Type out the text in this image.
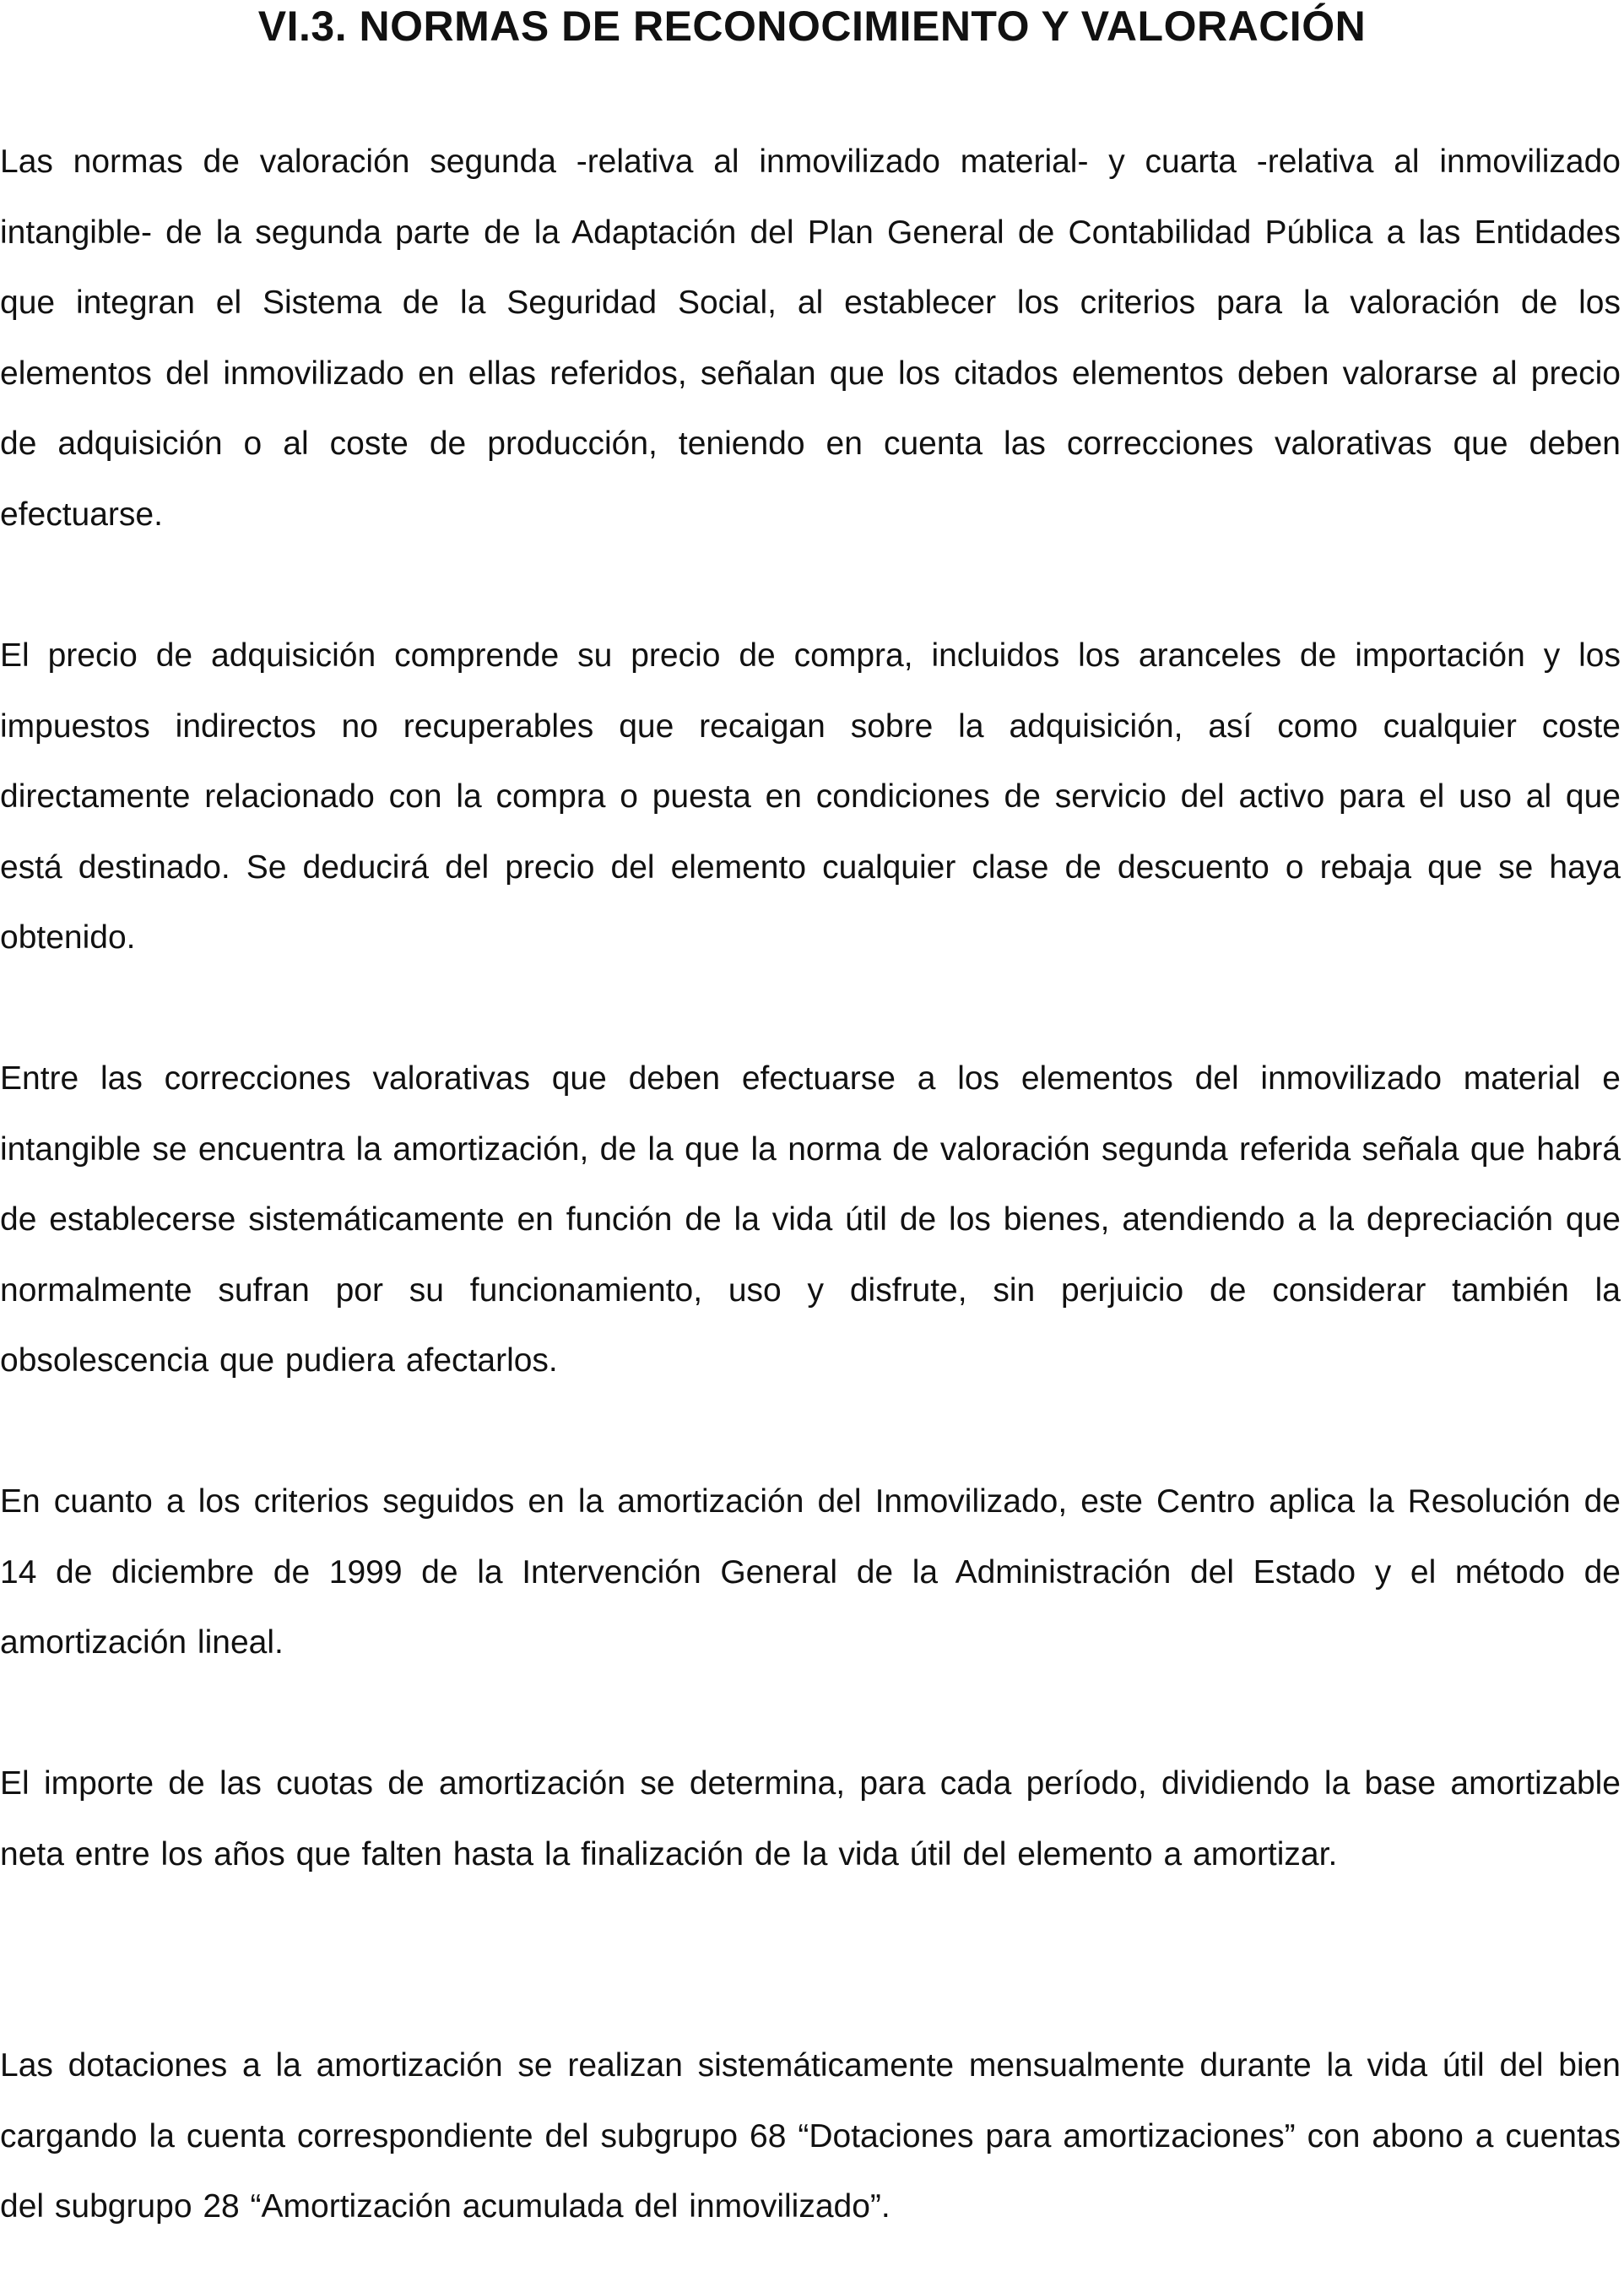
VI.3. NORMAS DE RECONOCIMIENTO Y VALORACIÓN

Las normas de valoración segunda -relativa al inmovilizado material- y cuarta -relativa al inmovilizado intangible- de la segunda parte de la Adaptación del Plan General de Contabilidad Pública a las Entidades que integran el Sistema de la Seguridad Social, al establecer los criterios para la valoración de los elementos del inmovilizado en ellas referidos, señalan que los citados elementos deben valorarse al precio de adquisición o al coste de producción, teniendo en cuenta las correcciones valorativas que deben efectuarse.

El precio de adquisición comprende su precio de compra, incluidos los aranceles de importación y los impuestos indirectos no recuperables que recaigan sobre la adquisición, así como cualquier coste directamente relacionado con la compra o puesta en condiciones de servicio del activo para el uso al que está destinado. Se deducirá del precio del elemento cualquier clase de descuento o rebaja que se haya obtenido.

Entre las correcciones valorativas que deben efectuarse a los elementos del inmovilizado material e intangible se encuentra la amortización, de la que la norma de valoración segunda referida señala que habrá de establecerse sistemáticamente en función de la vida útil de los bienes, atendiendo a la depreciación que normalmente sufran por su funcionamiento, uso y disfrute, sin perjuicio de considerar también la obsolescencia que pudiera afectarlos.

En cuanto a los criterios seguidos en la amortización del Inmovilizado, este Centro aplica la Resolución de 14 de diciembre de 1999 de la Intervención General de la Administración del Estado y el método de amortización lineal.

El importe de las cuotas de amortización se determina, para cada período, dividiendo la base amortizable neta entre los años que falten hasta la finalización de la vida útil del elemento a amortizar.

Las dotaciones a la amortización se realizan sistemáticamente mensualmente durante la vida útil del bien cargando la cuenta correspondiente del subgrupo 68 “Dotaciones para amortizaciones” con abono a cuentas del subgrupo 28 “Amortización acumulada del inmovilizado”.
